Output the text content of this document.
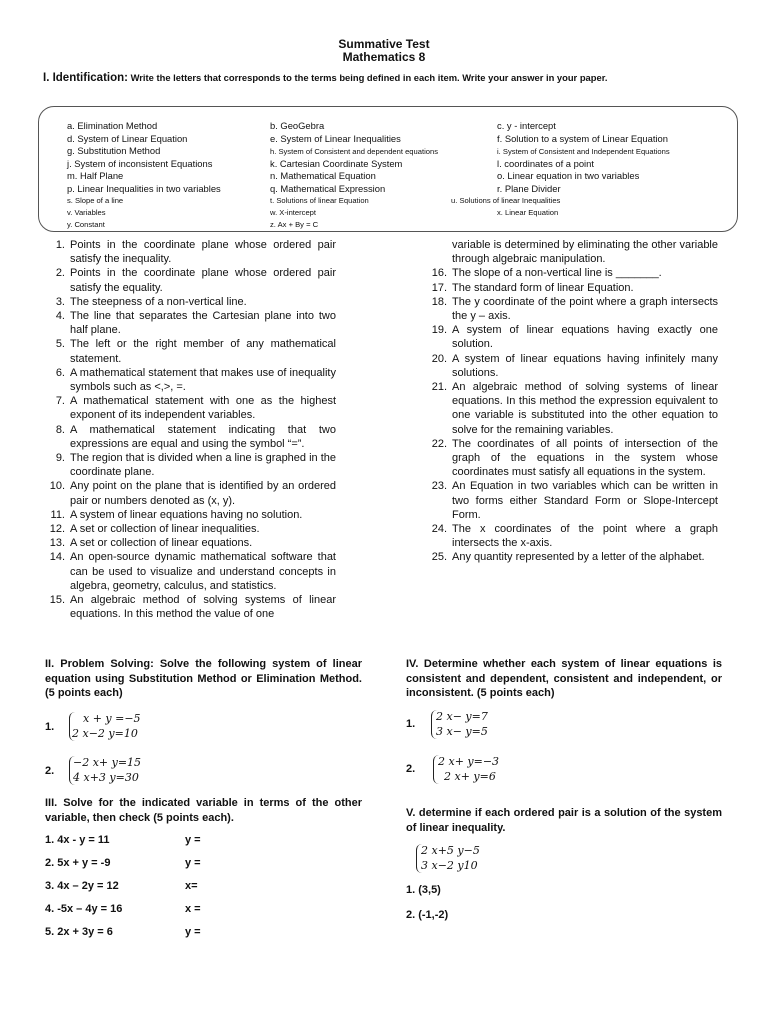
Summative Test
Mathematics 8
I. Identification: Write the letters that corresponds to the terms being defined in each item. Write your answer in your paper.
a. Elimination Method	b. GeoGebra	c. y - intercept
d. System of Linear Equation	e. System of Linear Inequalities	f. Solution to a system of Linear Equation
g. Substitution Method	h. System of Consistent and dependent equations	i. System of Consistent and Independent Equations
j. System of inconsistent Equations	k. Cartesian Coordinate System	l. coordinates of a point
m. Half Plane	n. Mathematical Equation	o. Linear equation in two variables
p. Linear Inequalities in two variables	q. Mathematical Expression	r. Plane Divider
s. Slope of a line	t. Solutions of linear Equation	u. Solutions of linear Inequalities
v. Variables	w. X-intercept	x. Linear Equation
y. Constant	z. Ax + By = C
1. Points in the coordinate plane whose ordered pair satisfy the inequality.
2. Points in the coordinate plane whose ordered pair satisfy the equality.
3. The steepness of a non-vertical line.
4. The line that separates the Cartesian plane into two half plane.
5. The left or the right member of any mathematical statement.
6. A mathematical statement that makes use of inequality symbols such as <,>, =.
7. A mathematical statement with one as the highest exponent of its independent variables.
8. A mathematical statement indicating that two expressions are equal and using the symbol “=”.
9. The region that is divided when a line is graphed in the coordinate plane.
10. Any point on the plane that is identified by an ordered pair or numbers denoted as (x, y).
11. A system of linear equations having no solution.
12. A set or collection of linear inequalities.
13. A set or collection of linear equations.
14. An open-source dynamic mathematical software that can be used to visualize and understand concepts in algebra, geometry, calculus, and statistics.
15. An algebraic method of solving systems of linear equations. In this method the value of one
variable is determined by eliminating the other variable through algebraic manipulation.
16. The slope of a non-vertical line is _______.
17. The standard form of linear Equation.
18. The y coordinate of the point where a graph intersects the y – axis.
19. A system of linear equations having exactly one solution.
20. A system of linear equations having infinitely many solutions.
21. An algebraic method of solving systems of linear equations. In this method the expression equivalent to one variable is substituted into the other equation to solve for the remaining variables.
22. The coordinates of all points of intersection of the graph of the equations in the system whose coordinates must satisfy all equations in the system.
23. An Equation in two variables which can be written in two forms either Standard Form or Slope-Intercept Form.
24. The x coordinates of the point where a graph intersects the x-axis.
25. Any quantity represented by a letter of the alphabet.
II. Problem Solving: Solve the following system of linear equation using Substitution Method or Elimination Method. (5 points each)
1.
x + y =−5
2 x−2 y=10
2.
−2 x+ y=15
4 x+3 y=30
III. Solve for the indicated variable in terms of the other variable, then check (5 points each).
1. 4x - y = 11	y =
2. 5x + y = -9	y =
3. 4x – 2y = 12	x=
4. -5x – 4y = 16	x =
5. 2x + 3y = 6	y =
IV. Determine whether each system of linear equations is consistent and dependent, consistent and independent, or inconsistent. (5 points each)
1.
2 x− y=7
3 x− y=5
2.
2 x+ y=−3
2 x+ y=6
V. determine if each ordered pair is a solution of the system of linear inequality.
2 x+5 y−5
3 x−2 y10
1. (3,5)
2. (-1,-2)
